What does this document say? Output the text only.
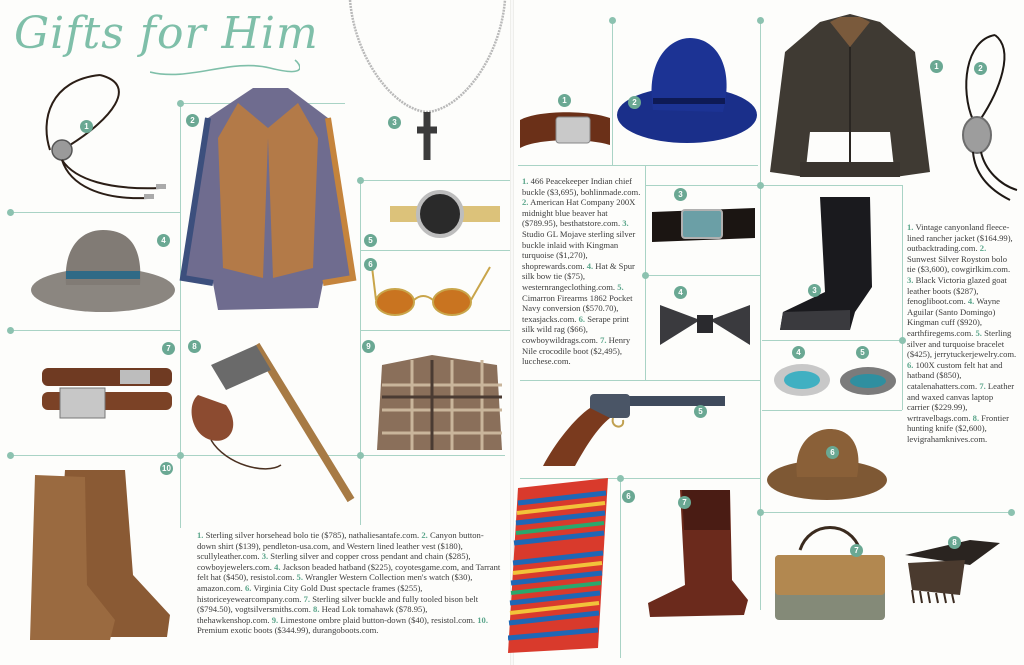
Gifts for Him
1
2	3
5
6
4
7	8	9
10
1. Sterling silver horsehead bolo tie ($785), nathaliesantafe.com. 2. Canyon button-down shirt ($139), pendleton-usa.com, and Western lined leather vest ($180), scullyleather.com. 3. Sterling silver and copper cross pendant and chain ($285), cowboyjewelers.com. 4. Jackson beaded hatband ($225), coyotesgame.com, and Tarrant felt hat ($450), resistol.com. 5. Wrangler Western Collection men's watch ($30), amazon.com. 6. Virginia City Gold Dust spectacle frames ($255), historiceyewearcompany.com. 7. Sterling silver buckle and fully tooled bison belt ($794.50), vogtsilversmiths.com. 8. Head Lok tomahawk ($78.95), thehawkenshop.com. 9. Limestone ombre plaid button-down ($40), resistol.com. 10. Premium exotic boots ($344.99), durangoboots.com.
1	2
3
4
5
6
7
1. 466 Peacekeeper Indian chief buckle ($3,695), bohlinmade.com. 2. American Hat Company 200X midnight blue beaver hat ($789.95), besthatstore.com. 3. Studio GL Mojave sterling silver buckle inlaid with Kingman turquoise ($1,270), shoprewards.com. 4. Hat & Spur silk bow tie ($75), westernrangeclothing.com. 5. Cimarron Firearms 1862 Pocket Navy conversion ($570.70), texasjacks.com. 6. Serape print silk wild rag ($66), cowboywildrags.com. 7. Henry Nile crocodile boot ($2,495), lucchese.com.
1	2
3
4	5
6
7
8
1. Vintage canyonland fleece-lined rancher jacket ($164.99), outbacktrading.com. 2. Sunwest Silver Royston bolo tie ($3,600), cowgirlkim.com. 3. Black Victoria glazed goat leather boots ($287), fenogliboot.com. 4. Wayne Aguilar (Santo Domingo) Kingman cuff ($920), earthfiregems.com. 5. Sterling silver and turquoise bracelet ($425), jerrytuckerjewelry.com. 6. 100X custom felt hat and hatband ($850), catalenahatters.com. 7. Leather and waxed canvas laptop carrier ($229.99), wrtravelbags.com. 8. Frontier hunting knife ($2,600), levigrahamknives.com.
